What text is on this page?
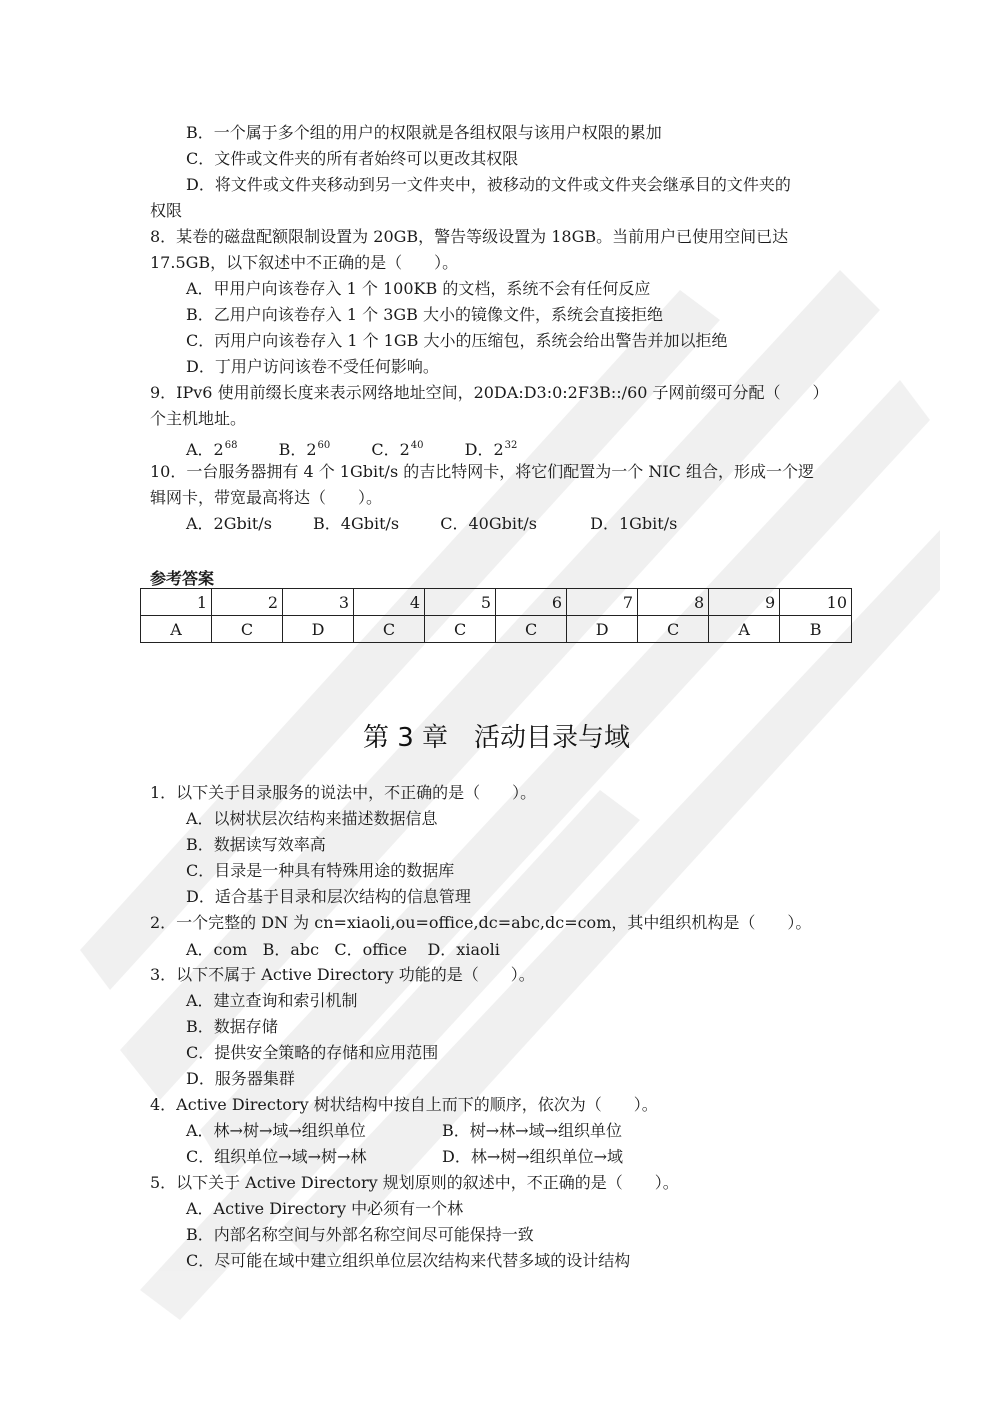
B．一个属于多个组的用户的权限就是各组权限与该用户权限的累加
C．文件或文件夹的所有者始终可以更改其权限
D．将文件或文件夹移动到另一文件夹中，被移动的文件或文件夹会继承目的文件夹的
权限
8．某卷的磁盘配额限制设置为 20GB，警告等级设置为 18GB。当前用户已使用空间已达
17.5GB，以下叙述中不正确的是（　　）。
A．甲用户向该卷存入 1 个 100KB 的文档，系统不会有任何反应
B．乙用户向该卷存入 1 个 3GB 大小的镜像文件，系统会直接拒绝
C．丙用户向该卷存入 1 个 1GB 大小的压缩包，系统会给出警告并加以拒绝
D．丁用户访问该卷不受任何影响。
9．IPv6 使用前缀长度来表示网络地址空间，20DA:D3:0:2F3B::/60 子网前缀可分配（　　）
个主机地址。
A．$2^{68}$	B．$2^{60}$	C．$2^{40}$	D．$2^{32}$
10．一台服务器拥有 4 个 1Gbit/s 的吉比特网卡，将它们配置为一个 NIC 组合，形成一个逻
辑网卡，带宽最高将达（　　）。
A．2Gbit/s	B．4Gbit/s	C．40Gbit/s	D．1Gbit/s
参考答案
1	2	3	4	5	6	7	8	9	10
A	C	D	C	C	C	D	C	A	B
第 3 章　活动目录与域
1．以下关于目录服务的说法中，不正确的是（　　）。
A．以树状层次结构来描述数据信息
B．数据读写效率高
C．目录是一种具有特殊用途的数据库
D．适合基于目录和层次结构的信息管理
2．一个完整的 DN 为 cn=xiaoli,ou=office,dc=abc,dc=com，其中组织机构是（　　）。
A．com   B．abc   C．office    D．xiaoli
3．以下不属于 Active Directory 功能的是（　　）。
A．建立查询和索引机制
B．数据存储
C．提供安全策略的存储和应用范围
D．服务器集群
4．Active Directory 树状结构中按自上而下的顺序，依次为（　　）。
A．林→树→域→组织单位	B．树→林→域→组织单位
C．组织单位→域→树→林	D．林→树→组织单位→域
5．以下关于 Active Directory 规划原则的叙述中，不正确的是（　　）。
A．Active Directory 中必须有一个林
B．内部名称空间与外部名称空间尽可能保持一致
C．尽可能在域中建立组织单位层次结构来代替多域的设计结构
